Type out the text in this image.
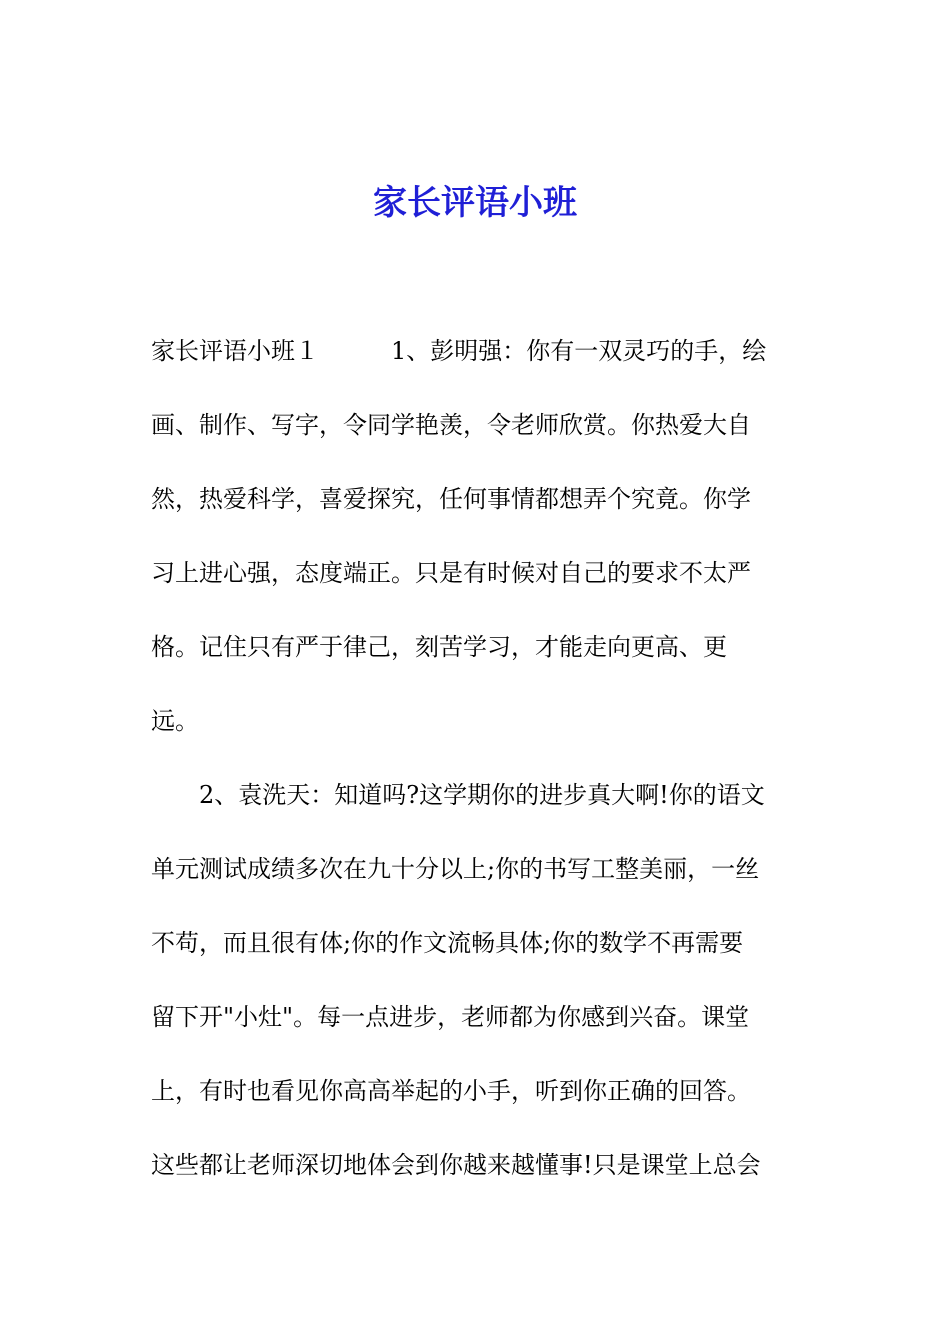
家长评语小班

家长评语小班１　　　1、彭明强：你有一双灵巧的手，绘

画、制作、写字，令同学艳羡，令老师欣赏。你热爱大自

然，热爱科学，喜爱探究，任何事情都想弄个究竟。你学

习上进心强，态度端正。只是有时候对自己的要求不太严

格。记住只有严于律己，刻苦学习，才能走向更高、更

远。

　　2、袁洗天：知道吗?这学期你的进步真大啊!你的语文

单元测试成绩多次在九十分以上;你的书写工整美丽，一丝

不苟，而且很有体;你的作文流畅具体;你的数学不再需要

留下开"小灶"。每一点进步，老师都为你感到兴奋。课堂

上，有时也看见你高高举起的小手，听到你正确的回答。

这些都让老师深切地体会到你越来越懂事!只是课堂上总会
